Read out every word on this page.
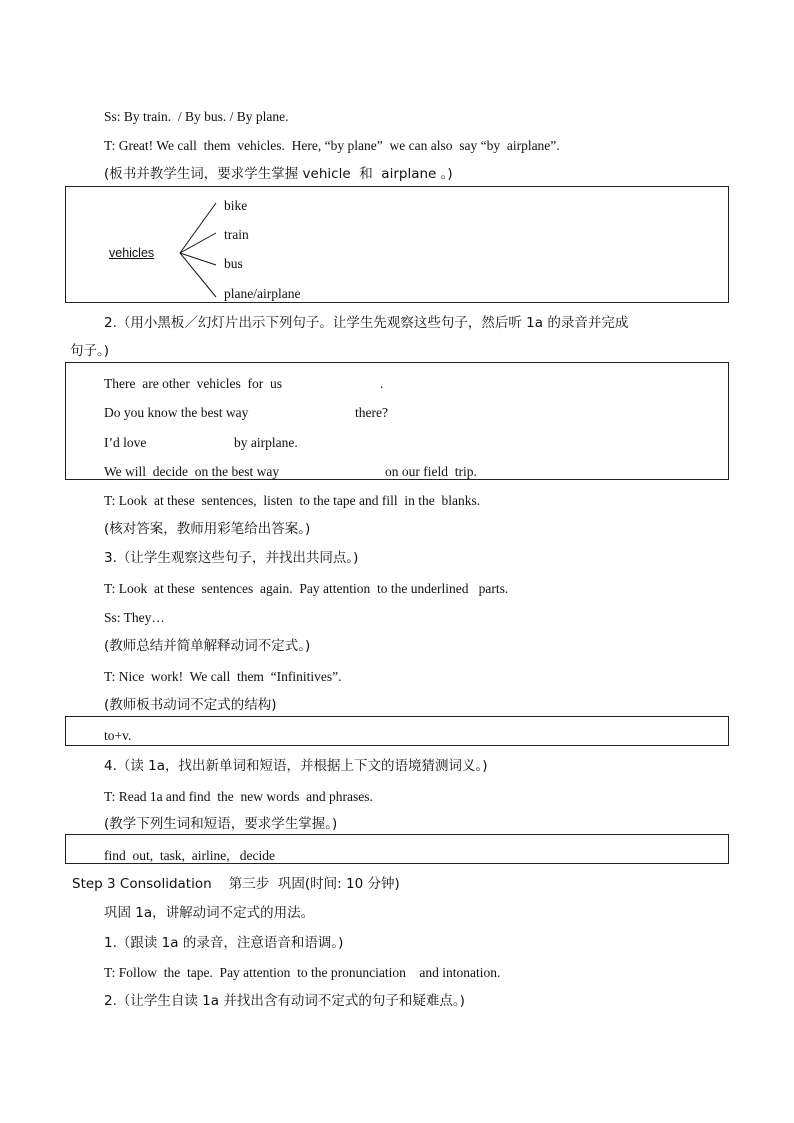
Ss: By train.  / By bus. / By plane.
T: Great! We call  them  vehicles.  Here, “by plane”  we can also  say “by  airplane”.
(板书并教学生词，要求学生掌握 vehicle  和  airplane 。)
vehicles
bike
train
bus
plane/airplane
2.（用小黑板／幻灯片出示下列句子。让学生先观察这些句子，然后听 1a 的录音并完成
句子。)
There  are other  vehicles  for  us	.
Do you know the best way	there?
I’d love	by airplane.
We will  decide  on the best way	on our field  trip.
T: Look  at these  sentences,  listen  to the tape and fill  in the  blanks.
(核对答案，教师用彩笔给出答案。)
3.（让学生观察这些句子，并找出共同点。)
T: Look  at these  sentences  again.  Pay attention  to the underlined   parts.
Ss: They…
(教师总结并简单解释动词不定式。)
T: Nice  work!  We call  them  “Infinitives”.
(教师板书动词不定式的结构)
to+v.
4.（读 1a，找出新单词和短语，并根据上下文的语境猜测词义。)
T: Read 1a and find  the  new words  and phrases.
(教学下列生词和短语，要求学生掌握。)
find  out,  task,  airline,   decide
Step 3 Consolidation    第三步  巩固(时间: 10 分钟)
巩固 1a，讲解动词不定式的用法。
1.（跟读 1a 的录音，注意语音和语调。)
T: Follow  the  tape.  Pay attention  to the pronunciation    and intonation.
2.（让学生自读 1a 并找出含有动词不定式的句子和疑难点。)
